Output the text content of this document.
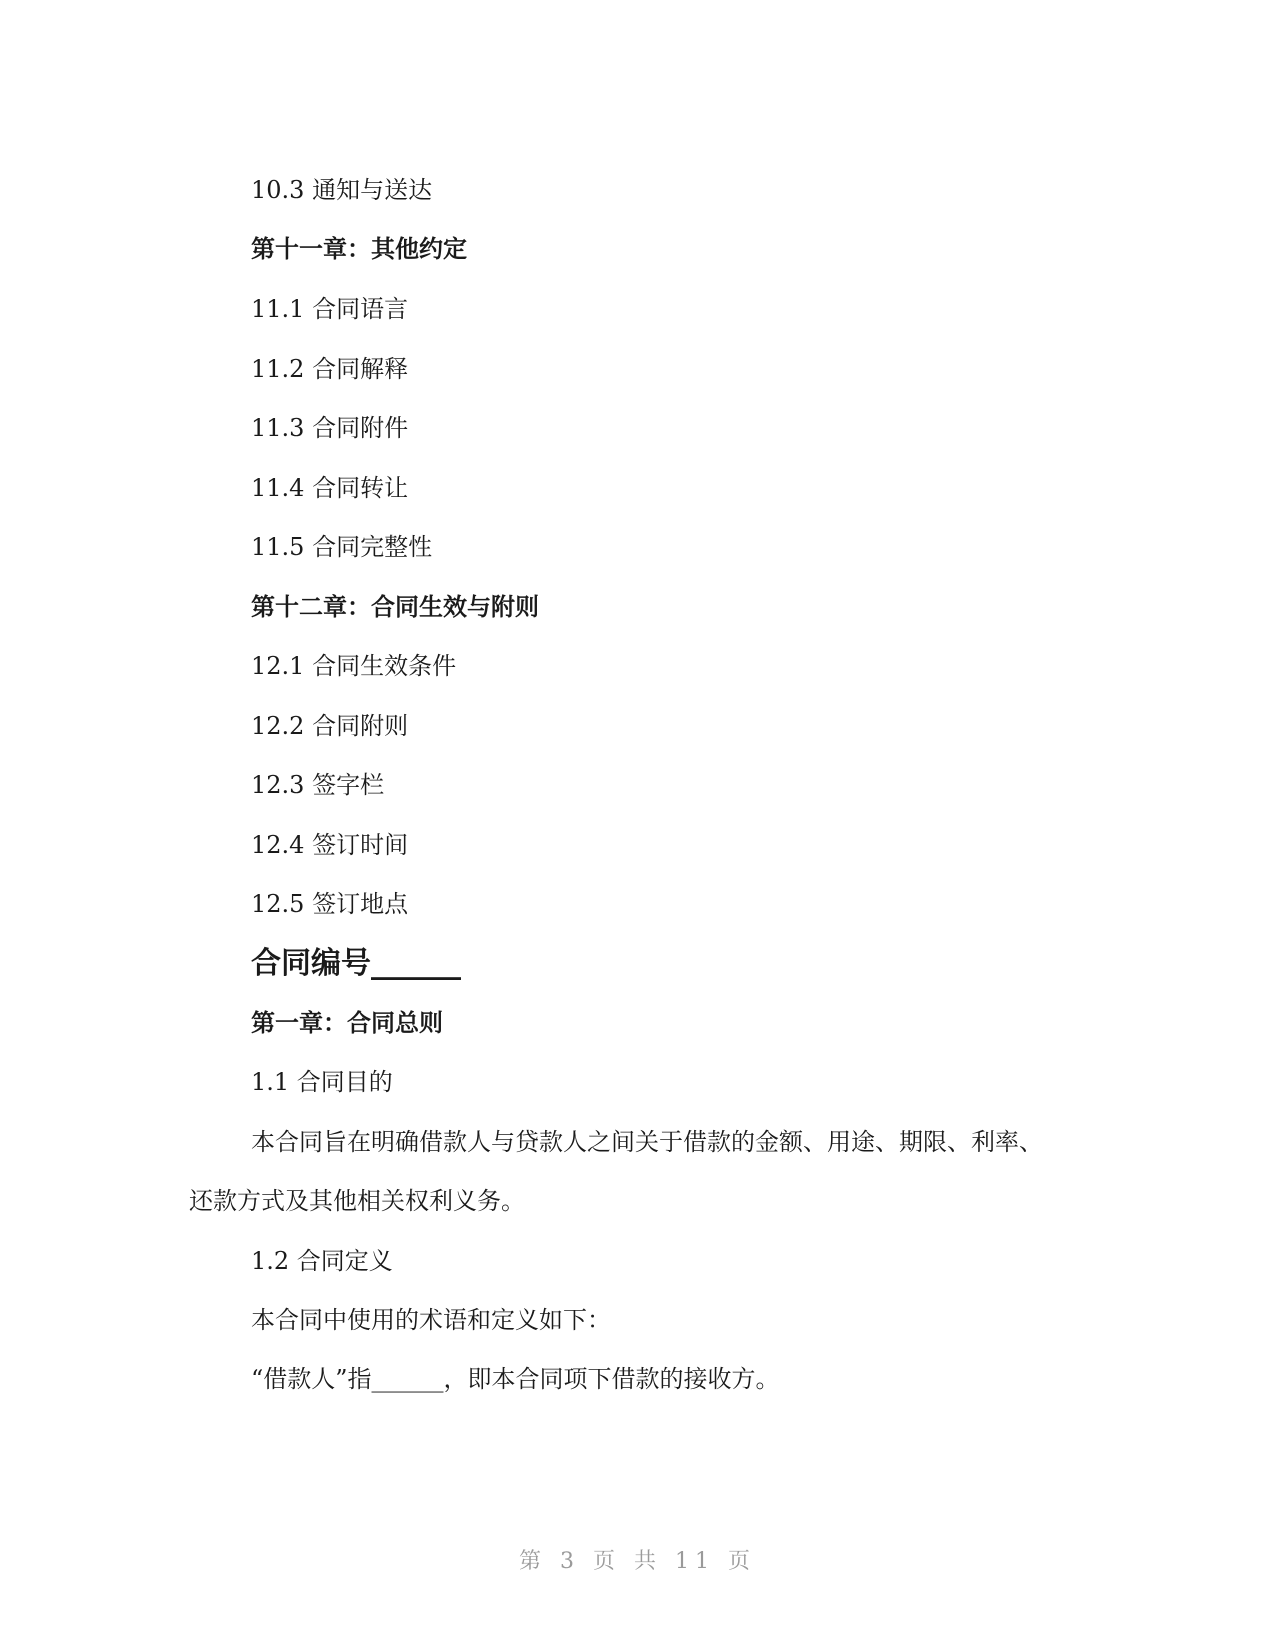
10.3 通知与送达
第十一章：其他约定
11.1 合同语言
11.2 合同解释
11.3 合同附件
11.4 合同转让
11.5 合同完整性
第十二章：合同生效与附则
12.1 合同生效条件
12.2 合同附则
12.3 签字栏
12.4 签订时间
12.5 签订地点
合同编号______
第一章：合同总则
1.1 合同目的
本合同旨在明确借款人与贷款人之间关于借款的金额、用途、期限、利率、
还款方式及其他相关权利义务。
1.2 合同定义
本合同中使用的术语和定义如下：
“借款人”指______，即本合同项下借款的接收方。
第 3 页 共 11 页
